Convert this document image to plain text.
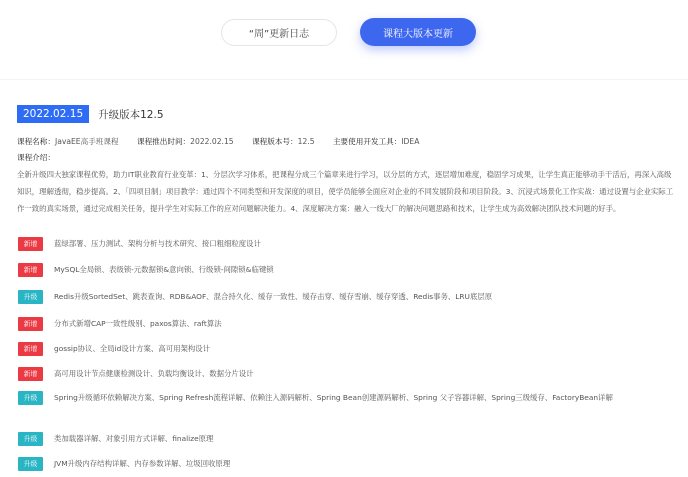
“周”更新日志	课程大版本更新
2022.02.15	升级版本12.5
课程名称：JavaEE高手班课程 课程推出时间：2022.02.15 课程版本号：12.5 主要使用开发工具：IDEA
课程介绍：
全新升级四大独家课程优势，助力IT职业教育行业变革：1、分层次学习体系，把课程分成三个篇章来进行学习，以分层的方式，逐层增加难度，稳固学习成果，让学生真正能够动手干活后，再深入高级知识，理解透彻，稳步提高。2、「四项目制」项目教学：通过四个不同类型和开发深度的项目，使学员能够全面应对企业的不同发展阶段和项目阶段。3、沉浸式场景化工作实战：通过设置与企业实际工作一致的真实场景，通过完成相关任务，提升学生对实际工作的应对问题解决能力。4、深度解决方案：融入一线大厂的解决问题思路和技术，让学生成为高效解决团队技术问题的好手。
新增	蓝绿部署、压力测试、架构分析与技术研究、接口粗细粒度设计
新增	MySQL全局锁、表级锁-元数据锁&意向锁、行级锁-间隙锁&临键锁
升级	Redis升级SortedSet、跳表查询、RDB&AOF、混合持久化、缓存一致性、缓存击穿、缓存雪崩、缓存穿透、Redis事务、LRU底层原
新增	分布式新增CAP一致性级别、paxos算法、raft算法
新增	gossip协议、全局id设计方案、高可用架构设计
新增	高可用设计节点健康检测设计、负载均衡设计、数据分片设计
升级	Spring升级循环依赖解决方案、Spring Refresh流程详解、依赖注入源码解析、Spring Bean创建源码解析、Spring 父子容器详解、Spring三级缓存、FactoryBean详解
升级	类加载器详解、对象引用方式详解、finalize原理
升级	JVM升级内存结构详解、内存参数详解、垃圾回收原理
